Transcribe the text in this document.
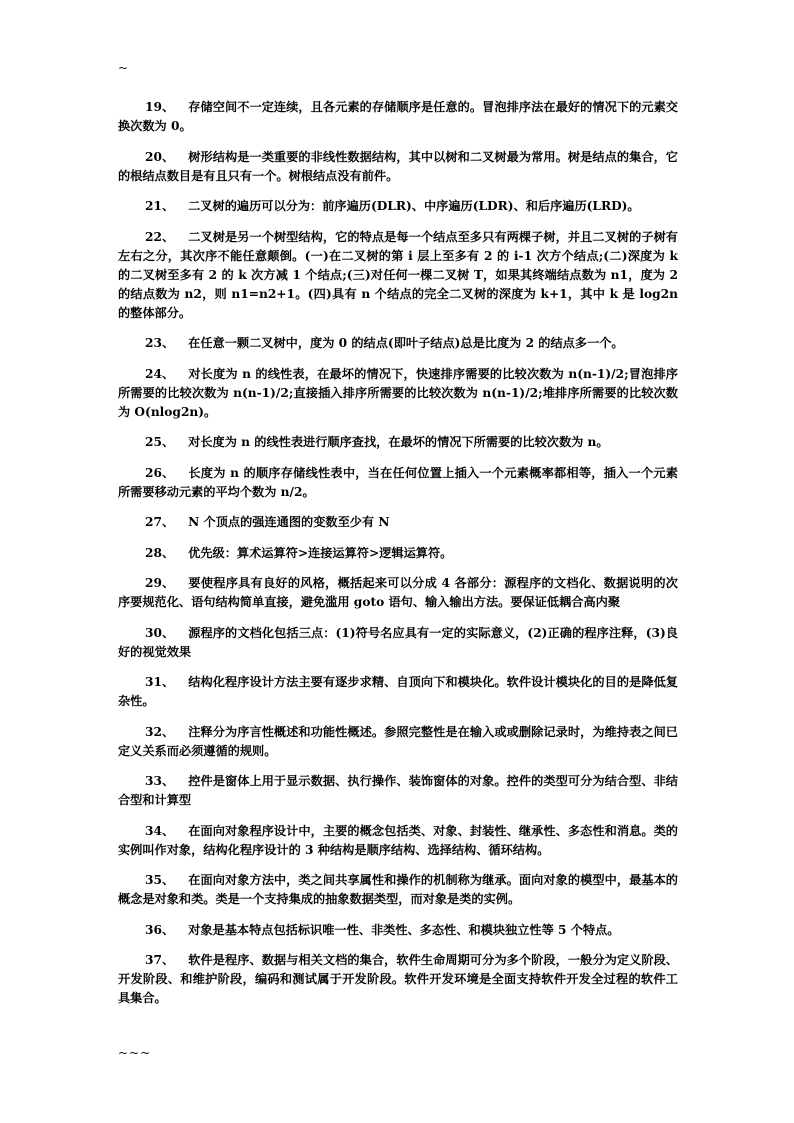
~
19、 存储空间不一定连续，且各元素的存储顺序是任意的。冒泡排序法在最好的情况下的元素交换次数为 0。
20、 树形结构是一类重要的非线性数据结构，其中以树和二叉树最为常用。树是结点的集合，它的根结点数目是有且只有一个。树根结点没有前件。
21、 二叉树的遍历可以分为：前序遍历(DLR)、中序遍历(LDR)、和后序遍历(LRD)。
22、 二叉树是另一个树型结构，它的特点是每一个结点至多只有两棵子树，并且二叉树的子树有左右之分，其次序不能任意颠倒。(一)在二叉树的第 i 层上至多有 2 的 i-1 次方个结点;(二)深度为 k 的二叉树至多有 2 的 k 次方减 1 个结点;(三)对任何一棵二叉树 T，如果其终端结点数为 n1，度为 2 的结点数为 n2，则 n1=n2+1。(四)具有 n 个结点的完全二叉树的深度为 k+1，其中 k 是 log2n 的整体部分。
23、 在任意一颗二叉树中，度为 0 的结点(即叶子结点)总是比度为 2 的结点多一个。
24、 对长度为 n 的线性表，在最坏的情况下，快速排序需要的比较次数为 n(n-1)/2;冒泡排序所需要的比较次数为 n(n-1)/2;直接插入排序所需要的比较次数为 n(n-1)/2;堆排序所需要的比较次数为 O(nlog2n)。
25、 对长度为 n 的线性表进行顺序查找，在最坏的情况下所需要的比较次数为 n。
26、 长度为 n 的顺序存储线性表中，当在任何位置上插入一个元素概率都相等，插入一个元素所需要移动元素的平均个数为 n/2。
27、 N 个顶点的强连通图的变数至少有 N
28、 优先级：算术运算符>连接运算符>逻辑运算符。
29、 要使程序具有良好的风格，概括起来可以分成 4 各部分：源程序的文档化、数据说明的次序要规范化、语句结构简单直接，避免滥用 goto 语句、输入输出方法。要保证低耦合高内聚
30、 源程序的文档化包括三点：(1)符号名应具有一定的实际意义，(2)正确的程序注释，(3)良好的视觉效果
31、 结构化程序设计方法主要有逐步求精、自顶向下和模块化。软件设计模块化的目的是降低复杂性。
32、 注释分为序言性概述和功能性概述。参照完整性是在输入或或删除记录时，为维持表之间已定义关系而必须遵循的规则。
33、 控件是窗体上用于显示数据、执行操作、装饰窗体的对象。控件的类型可分为结合型、非结合型和计算型
34、 在面向对象程序设计中，主要的概念包括类、对象、封装性、继承性、多态性和消息。类的实例叫作对象，结构化程序设计的 3 种结构是顺序结构、选择结构、循环结构。
35、 在面向对象方法中，类之间共享属性和操作的机制称为继承。面向对象的模型中，最基本的概念是对象和类。类是一个支持集成的抽象数据类型，而对象是类的实例。
36、 对象是基本特点包括标识唯一性、非类性、多态性、和模块独立性等 5 个特点。
37、 软件是程序、数据与相关文档的集合，软件生命周期可分为多个阶段，一般分为定义阶段、开发阶段、和维护阶段，编码和测试属于开发阶段。软件开发环境是全面支持软件开发全过程的软件工具集合。
~~~
